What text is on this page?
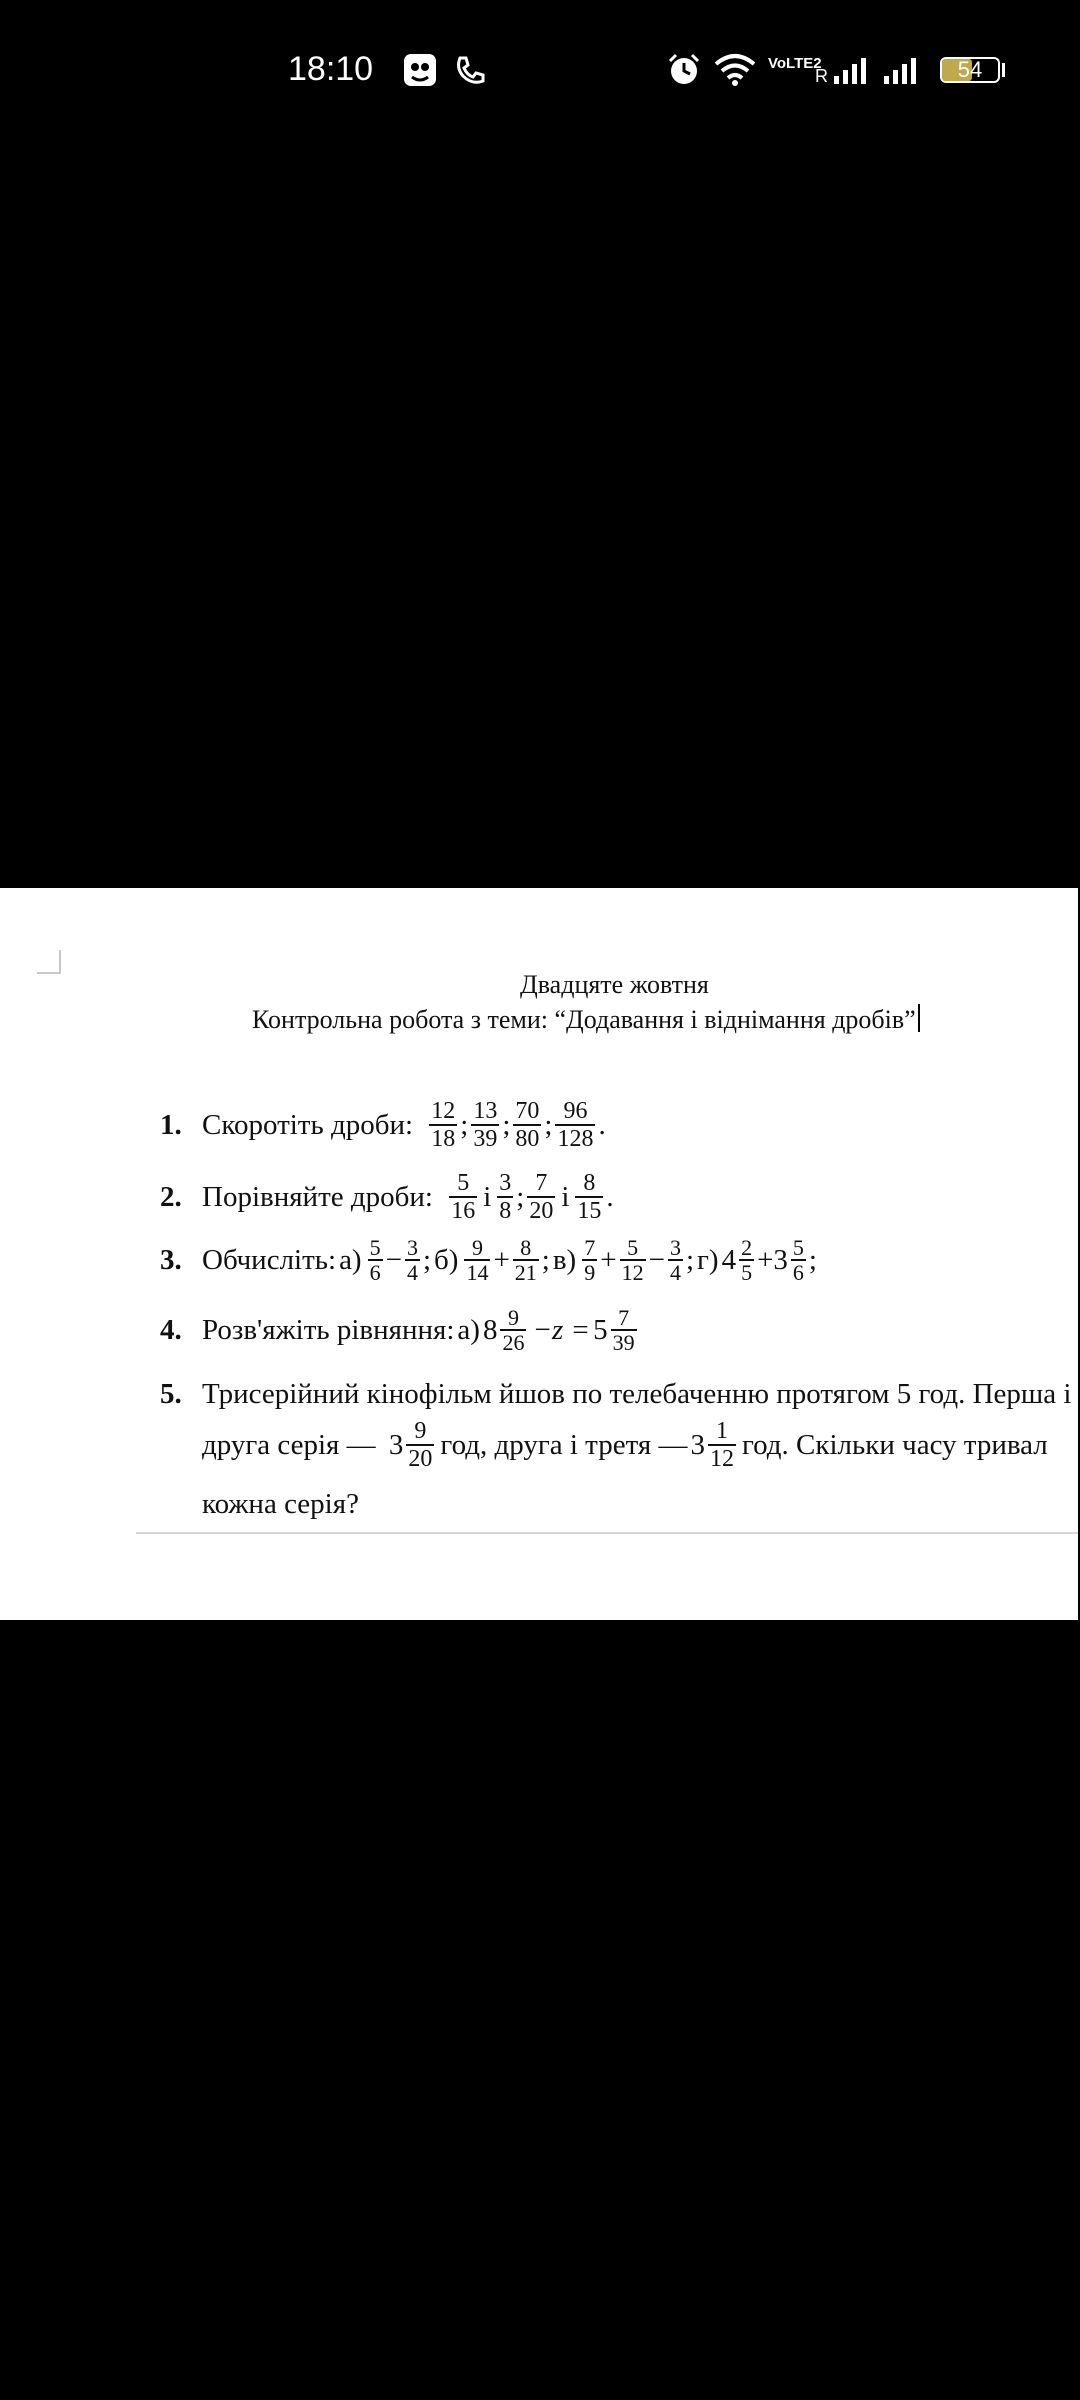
18:10	VoLTE2
R	54
Двадцяте жовтня
Контрольна робота з теми: “Додавання і віднімання дробів”
1. Скоротіть дроби:
$\frac{12}{18}$ ; $\frac{13}{39}$ ; $\frac{70}{80}$ ; $\frac{96}{128}$ .
2. Порівняйте дроби:
$\frac{5}{16}$ і $\frac{3}{8}$ ; $\frac{7}{20}$ і $\frac{8}{15}$ .
3. Обчисліть: $а) \frac{5}{6} - \frac{3}{4}$ ; $б) \frac{9}{14} + \frac{8}{21}$ ; $в) \frac{7}{9} + \frac{5}{12} - \frac{3}{4}$ ; г) $4 \frac{2}{5} + 3 \frac{5}{6}$ ;
4. Розв'яжіть рівняння: а) $8 \frac{9}{26} -z = 5 \frac{7}{39}$
5. Трисерійний кінофільм йшов по телебаченню протягом 5 год. Перша і
друга серія —
$3 \frac{9}{20}$ год, друга і третя — $3 \frac{1}{12}$ год. Скільки часу тривал
кожна серія?
